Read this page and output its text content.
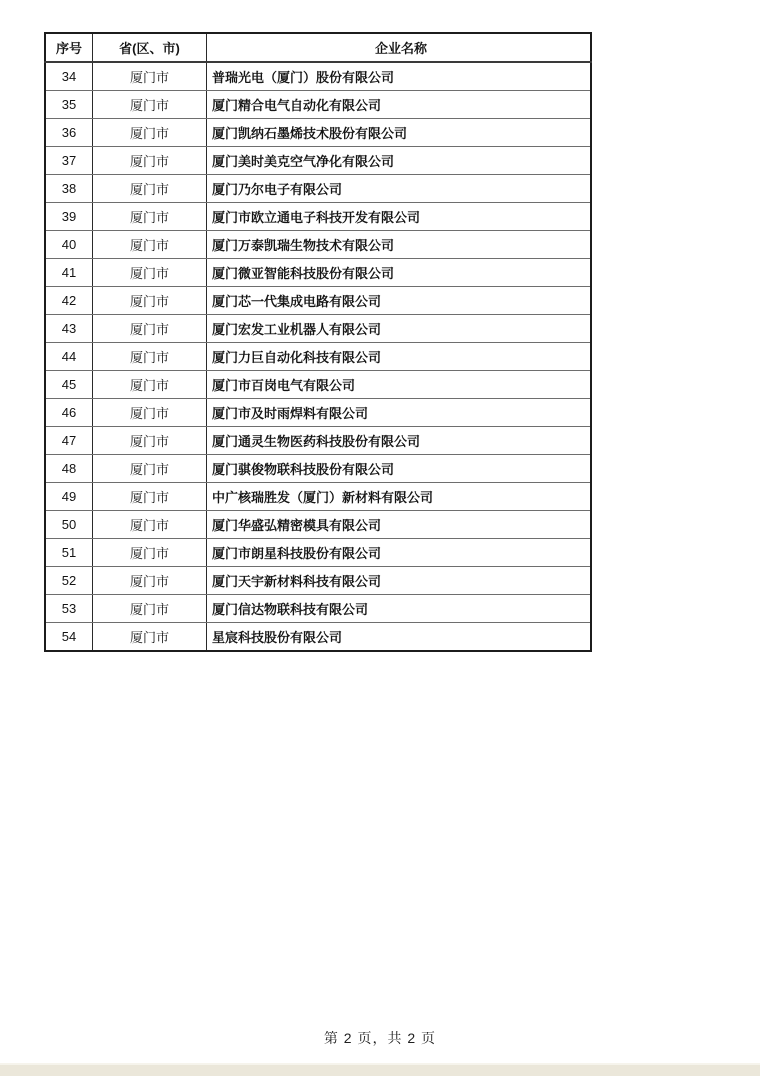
序号	省(区、市)	企业名称
34	厦门市	普瑞光电（厦门）股份有限公司
35	厦门市	厦门精合电气自动化有限公司
36	厦门市	厦门凯纳石墨烯技术股份有限公司
37	厦门市	厦门美时美克空气净化有限公司
38	厦门市	厦门乃尔电子有限公司
39	厦门市	厦门市欧立通电子科技开发有限公司
40	厦门市	厦门万泰凯瑞生物技术有限公司
41	厦门市	厦门微亚智能科技股份有限公司
42	厦门市	厦门芯一代集成电路有限公司
43	厦门市	厦门宏发工业机器人有限公司
44	厦门市	厦门力巨自动化科技有限公司
45	厦门市	厦门市百岗电气有限公司
46	厦门市	厦门市及时雨焊料有限公司
47	厦门市	厦门通灵生物医药科技股份有限公司
48	厦门市	厦门骐俊物联科技股份有限公司
49	厦门市	中广核瑞胜发（厦门）新材料有限公司
50	厦门市	厦门华盛弘精密模具有限公司
51	厦门市	厦门市朗星科技股份有限公司
52	厦门市	厦门天宇新材料科技有限公司
53	厦门市	厦门信达物联科技有限公司
54	厦门市	星宸科技股份有限公司
第 2 页，共 2 页
